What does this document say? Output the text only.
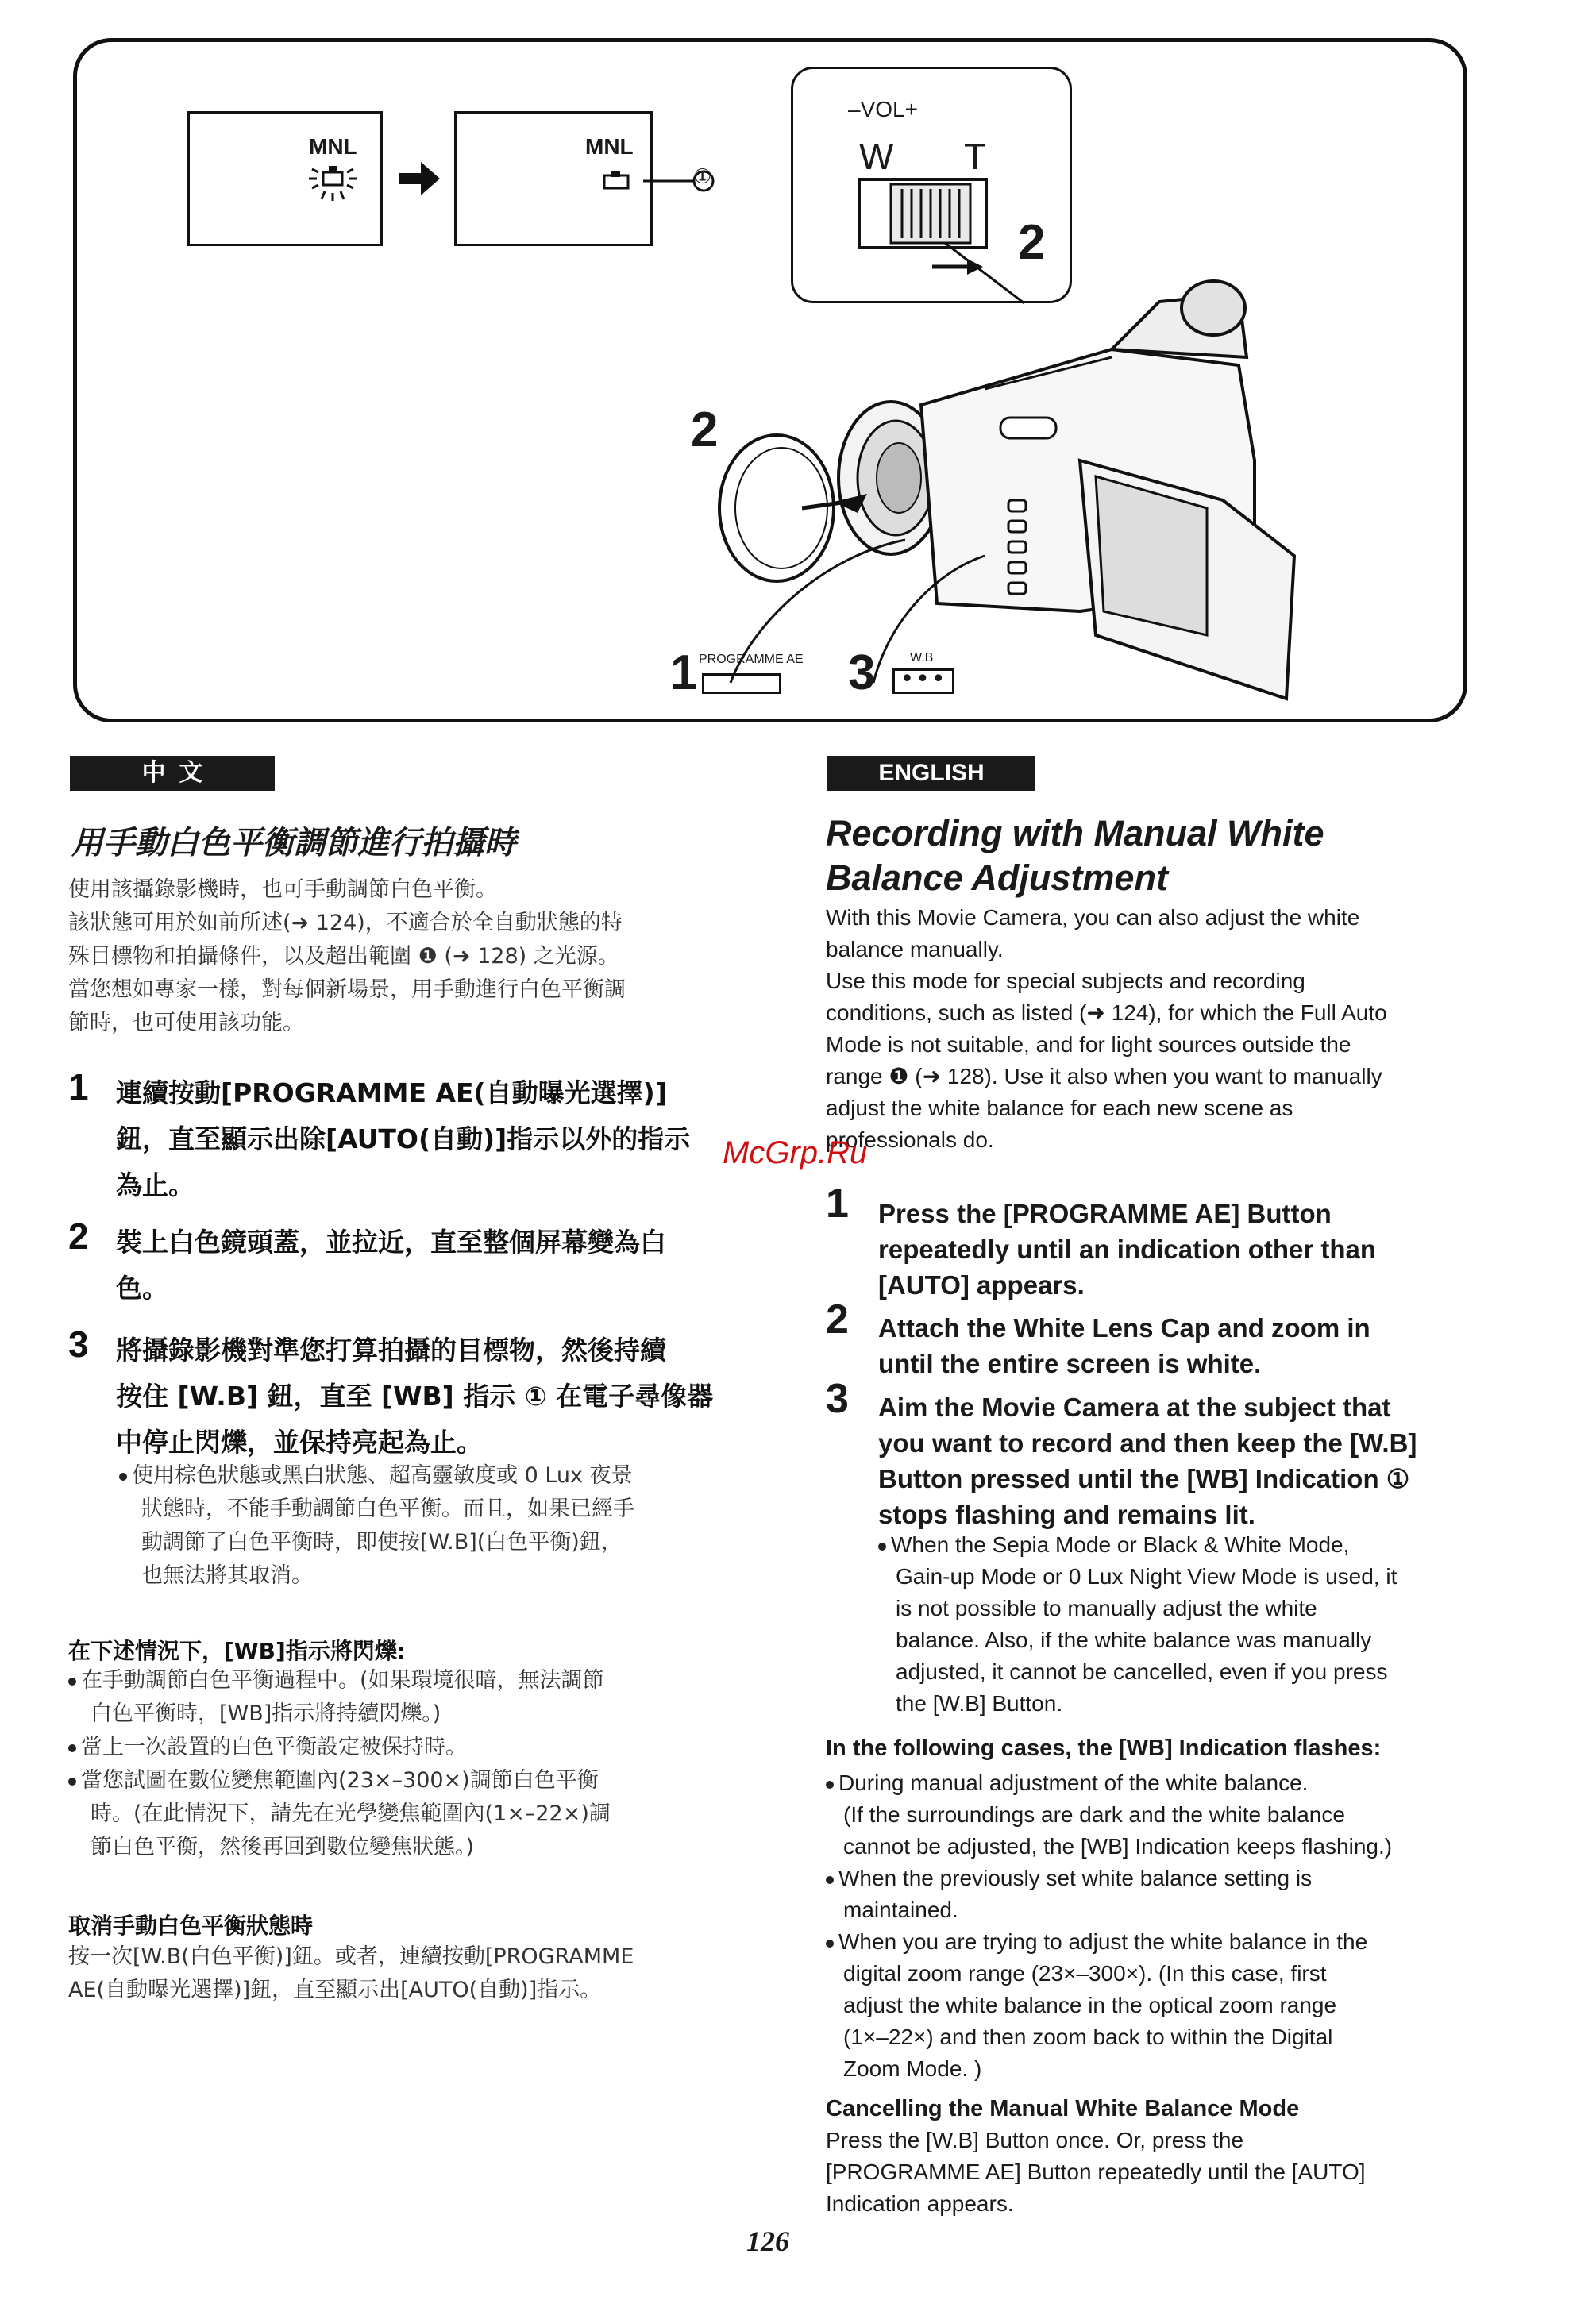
MNL	MNL
①
–VOL+
W T
2
2
1 PROGRAMME AE 3	W.B
•••
中  文
用手動白色平衡調節進行拍攝時
使用該攝錄影機時，也可手動調節白色平衡。
該狀態可用於如前所述(➜ 124)，不適合於全自動狀態的特
殊目標物和拍攝條件，以及超出範圍 ❶ (➜ 128) 之光源。
當您想如專家一樣，對每個新場景，用手動進行白色平衡調
節時，也可使用該功能。
1 連續按動[PROGRAMME AE(自動曝光選擇)]
鈕，直至顯示出除[AUTO(自動)]指示以外的指示
為止。
2 裝上白色鏡頭蓋，並拉近，直至整個屏幕變為白
色。
3 將攝錄影機對準您打算拍攝的目標物，然後持續
按住 [W.B] 鈕，直至 [WB] 指示 ① 在電子尋像器
中停止閃爍，並保持亮起為止。
使用棕色狀態或黑白狀態、超高靈敏度或 0 Lux 夜景
狀態時，不能手動調節白色平衡。而且，如果已經手
動調節了白色平衡時，即使按[W.B](白色平衡)鈕，
也無法將其取消。
在下述情況下，[WB]指示將閃爍:
在手動調節白色平衡過程中。(如果環境很暗，無法調節
白色平衡時，[WB]指示將持續閃爍。)
當上一次設置的白色平衡設定被保持時。
當您試圖在數位變焦範圍內(23×–300×)調節白色平衡
時。(在此情況下，請先在光學變焦範圍內(1×–22×)調
節白色平衡，然後再回到數位變焦狀態。)
取消手動白色平衡狀態時
按一次[W.B(白色平衡)]鈕。或者，連續按動[PROGRAMME
AE(自動曝光選擇)]鈕，直至顯示出[AUTO(自動)]指示。
ENGLISH
Recording with Manual White
Balance Adjustment
With this Movie Camera, you can also adjust the white
balance manually.
Use this mode for special subjects and recording
conditions, such as listed (➜ 124), for which the Full Auto
Mode is not suitable, and for light sources outside the
range ❶ (➜ 128). Use it also when you want to manually
adjust the white balance for each new scene as
professionals do.
1 Press the [PROGRAMME AE] Button
repeatedly until an indication other than
[AUTO] appears.
2 Attach the White Lens Cap and zoom in
until the entire screen is white.
3 Aim the Movie Camera at the subject that
you want to record and then keep the [W.B]
Button pressed until the [WB] Indication ①
stops flashing and remains lit.
When the Sepia Mode or Black & White Mode,
Gain-up Mode or 0 Lux Night View Mode is used, it
is not possible to manually adjust the white
balance. Also, if the white balance was manually
adjusted, it cannot be cancelled, even if you press
the [W.B] Button.
In the following cases, the [WB] Indication flashes:
During manual adjustment of the white balance.
(If the surroundings are dark and the white balance
cannot be adjusted, the [WB] Indication keeps flashing.)
When the previously set white balance setting is
maintained.
When you are trying to adjust the white balance in the
digital zoom range (23×–300×). (In this case, first
adjust the white balance in the optical zoom range
(1×–22×) and then zoom back to within the Digital
Zoom Mode. )
Cancelling the Manual White Balance Mode
Press the [W.B] Button once. Or, press the
[PROGRAMME AE] Button repeatedly until the [AUTO]
Indication appears.
McGrp.Ru
126
